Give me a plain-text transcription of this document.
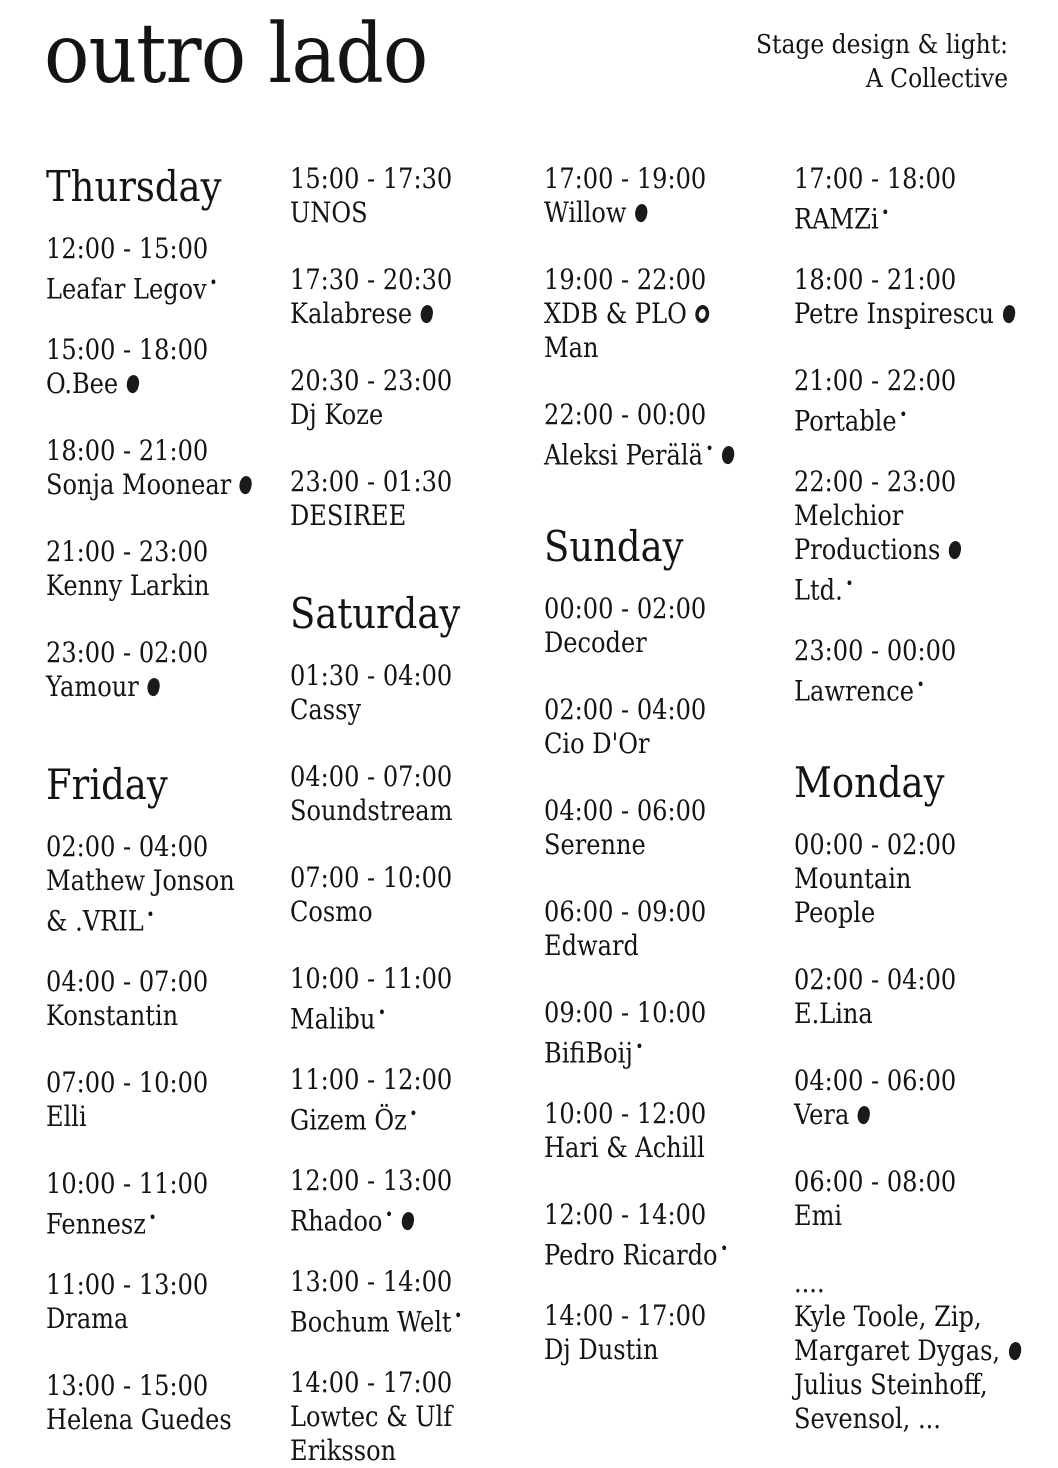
outro lado	Stage design & light:
A Collective
Thursday
12:00 - 15:00
Leafar Legov •
15:00 - 18:00
O.Bee
18:00 - 21:00
Sonja Moonear
21:00 - 23:00
Kenny Larkin
23:00 - 02:00
Yamour
Friday
02:00 - 04:00
Mathew Jonson
& .VRIL •
04:00 - 07:00
Konstantin
07:00 - 10:00
Elli
10:00 - 11:00
Fennesz •
11:00 - 13:00
Drama
13:00 - 15:00
Helena Guedes
15:00 - 17:30
UNOS
17:30 - 20:30
Kalabrese
20:30 - 23:00
Dj Koze
23:00 - 01:30
DESIREE
Saturday
01:30 - 04:00
Cassy
04:00 - 07:00
Soundstream
07:00 - 10:00
Cosmo
10:00 - 11:00
Malibu •
11:00 - 12:00
Gizem Öz •
12:00 - 13:00
Rhadoo •
13:00 - 14:00
Bochum Welt •
14:00 - 17:00
Lowtec & Ulf
Eriksson
17:00 - 19:00
Willow
19:00 - 22:00
XDB & PLO
Man
22:00 - 00:00
Aleksi Perälä •
Sunday
00:00 - 02:00
Decoder
02:00 - 04:00
Cio D'Or
04:00 - 06:00
Serenne
06:00 - 09:00
Edward
09:00 - 10:00
BifiBoij •
10:00 - 12:00
Hari & Achill
12:00 - 14:00
Pedro Ricardo •
14:00 - 17:00
Dj Dustin
17:00 - 18:00
RAMZi •
18:00 - 21:00
Petre Inspirescu
21:00 - 22:00
Portable •
22:00 - 23:00
Melchior
Productions
Ltd. •
23:00 - 00:00
Lawrence •
Monday
00:00 - 02:00
Mountain
People
02:00 - 04:00
E.Lina
04:00 - 06:00
Vera
06:00 - 08:00
Emi
....
Kyle Toole, Zip,
Margaret Dygas,
Julius Steinhoff,
Sevensol, ...
